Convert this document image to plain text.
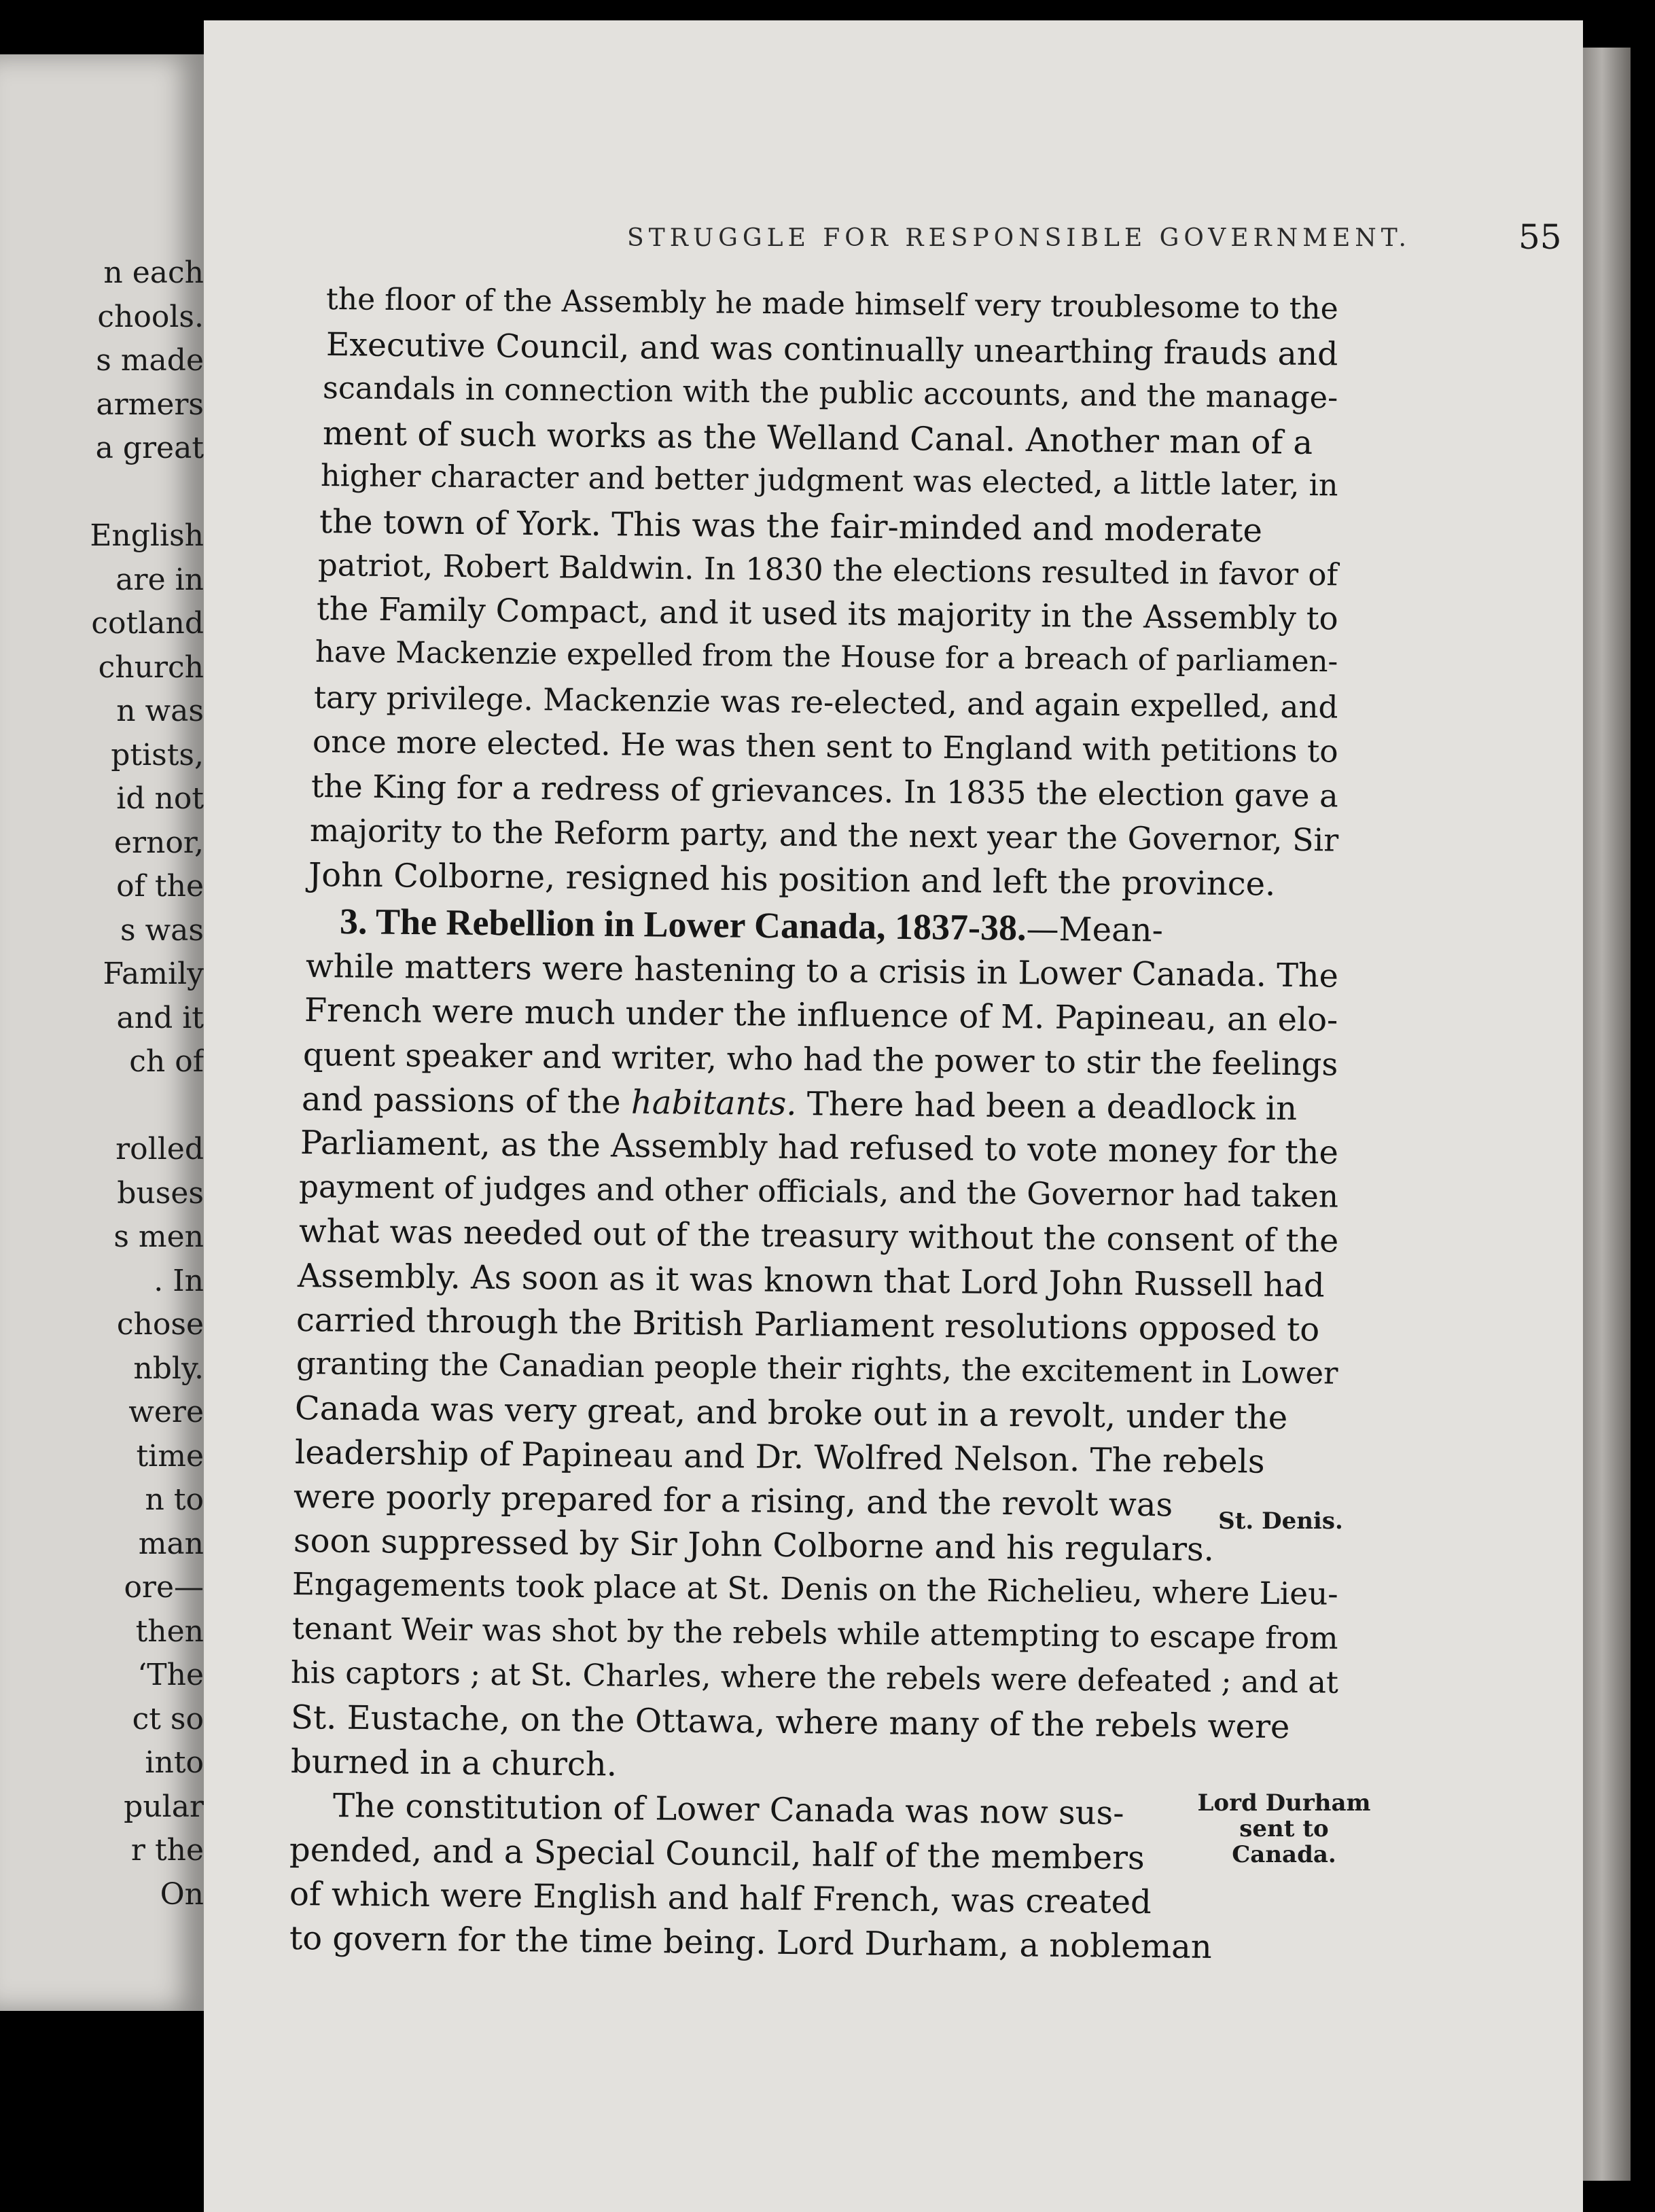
n each
chools.
s made
armers
a great
English
are in
cotland
church
n was
ptists,
id not
ernor,
of the
s was
Family
and it
ch of
rolled
buses
s men
. In
chose
nbly.
were
time
n to
man
ore—
then
‘The
ct so
into
pular
r the
On
STRUGGLE FOR RESPONSIBLE GOVERNMENT.	55
the floor of the Assembly he made himself very troublesome to the
Executive Council, and was continually unearthing frauds and
scandals in connection with the public accounts, and the manage-
ment of such works as the Welland Canal. Another man of a
higher character and better judgment was elected, a little later, in
the town of York. This was the fair-minded and moderate
patriot, Robert Baldwin. In 1830 the elections resulted in favor of
the Family Compact, and it used its majority in the Assembly to
have Mackenzie expelled from the House for a breach of parliamen-
tary privilege. Mackenzie was re-elected, and again expelled, and
once more elected. He was then sent to England with petitions to
the King for a redress of grievances. In 1835 the election gave a
majority to the Reform party, and the next year the Governor, Sir
John Colborne, resigned his position and left the province.
3. The Rebellion in Lower Canada, 1837-38.—Mean-
while matters were hastening to a crisis in Lower Canada. The
French were much under the influence of M. Papineau, an elo-
quent speaker and writer, who had the power to stir the feelings
and passions of the habitants. There had been a deadlock in
Parliament, as the Assembly had refused to vote money for the
payment of judges and other officials, and the Governor had taken
what was needed out of the treasury without the consent of the
Assembly. As soon as it was known that Lord John Russell had
carried through the British Parliament resolutions opposed to
granting the Canadian people their rights, the excitement in Lower
Canada was very great, and broke out in a revolt, under the
leadership of Papineau and Dr. Wolfred Nelson. The rebels
were poorly prepared for a rising, and the revolt was
soon suppressed by Sir John Colborne and his regulars.
Engagements took place at St. Denis on the Richelieu, where Lieu-
tenant Weir was shot by the rebels while attempting to escape from
his captors ; at St. Charles, where the rebels were defeated ; and at
St. Eustache, on the Ottawa, where many of the rebels were
burned in a church.
The constitution of Lower Canada was now sus-
pended, and a Special Council, half of the members
of which were English and half French, was created
to govern for the time being. Lord Durham, a nobleman
St. Denis.
Lord Durham
sent to
Canada.
